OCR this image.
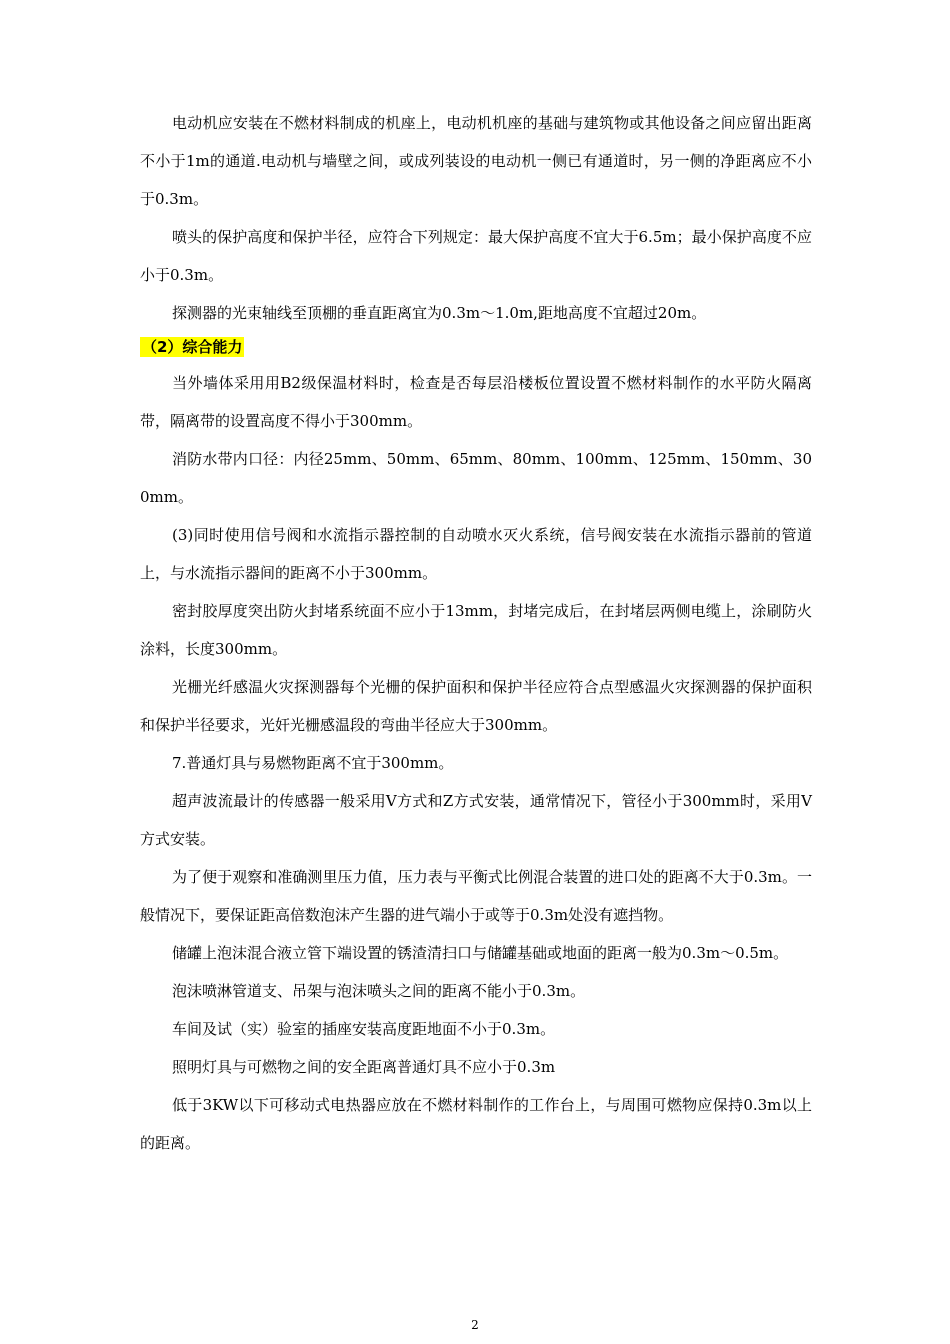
电动机应安装在不燃材料制成的机座上，电动机机座的基础与建筑物或其他设备之间应留出距离不小于1m的通道.电动机与墙壁之间，或成列装设的电动机一侧已有通道时，另一侧的净距离应不小于0.3m。

喷头的保护高度和保护半径，应符合下列规定：最大保护高度不宜大于6.5m；最小保护高度不应小于0.3m。

探测器的光束轴线至顶棚的垂直距离宜为0.3m～1.0m,距地高度不宜超过20m。

（2）综合能力

当外墙体采用用B2级保温材料时，检查是否每层沿楼板位置设置不燃材料制作的水平防火隔离带，隔离带的设置高度不得小于300mm。

消防水带内口径：内径25mm、50mm、65mm、80mm、100mm、125mm、150mm、300mm。

(3)同时使用信号阀和水流指示器控制的自动喷水灭火系统，信号阀安装在水流指示器前的管道上，与水流指示器间的距离不小于300mm。

密封胶厚度突出防火封堵系统面不应小于13mm，封堵完成后，在封堵层两侧电缆上，涂刷防火涂料，长度300mm。

光栅光纤感温火灾探测器每个光栅的保护面积和保护半径应符合点型感温火灾探测器的保护面积和保护半径要求，光奸光栅感温段的弯曲半径应大于300mm。

7.普通灯具与易燃物距离不宜于300mm。

超声波流最计的传感器一般采用V方式和Z方式安装，通常情况下，管径小于300mm时，采用V方式安装。

为了便于观察和准确测里压力值，压力表与平衡式比例混合装置的进口处的距离不大于0.3m。一般情况下，要保证距高倍数泡沫产生器的进气端小于或等于0.3m处没有遮挡物。

储罐上泡沫混合液立管下端设置的锈渣清扫口与储罐基础或地面的距离一般为0.3m～0.5m。

泡沫喷淋管道支、吊架与泡沫喷头之间的距离不能小于0.3m。

车间及试（实）验室的插座安装高度距地面不小于0.3m。

照明灯具与可燃物之间的安全距离普通灯具不应小于0.3m

低于3KW以下可移动式电热器应放在不燃材料制作的工作台上，与周围可燃物应保持0.3m以上的距离。

2
